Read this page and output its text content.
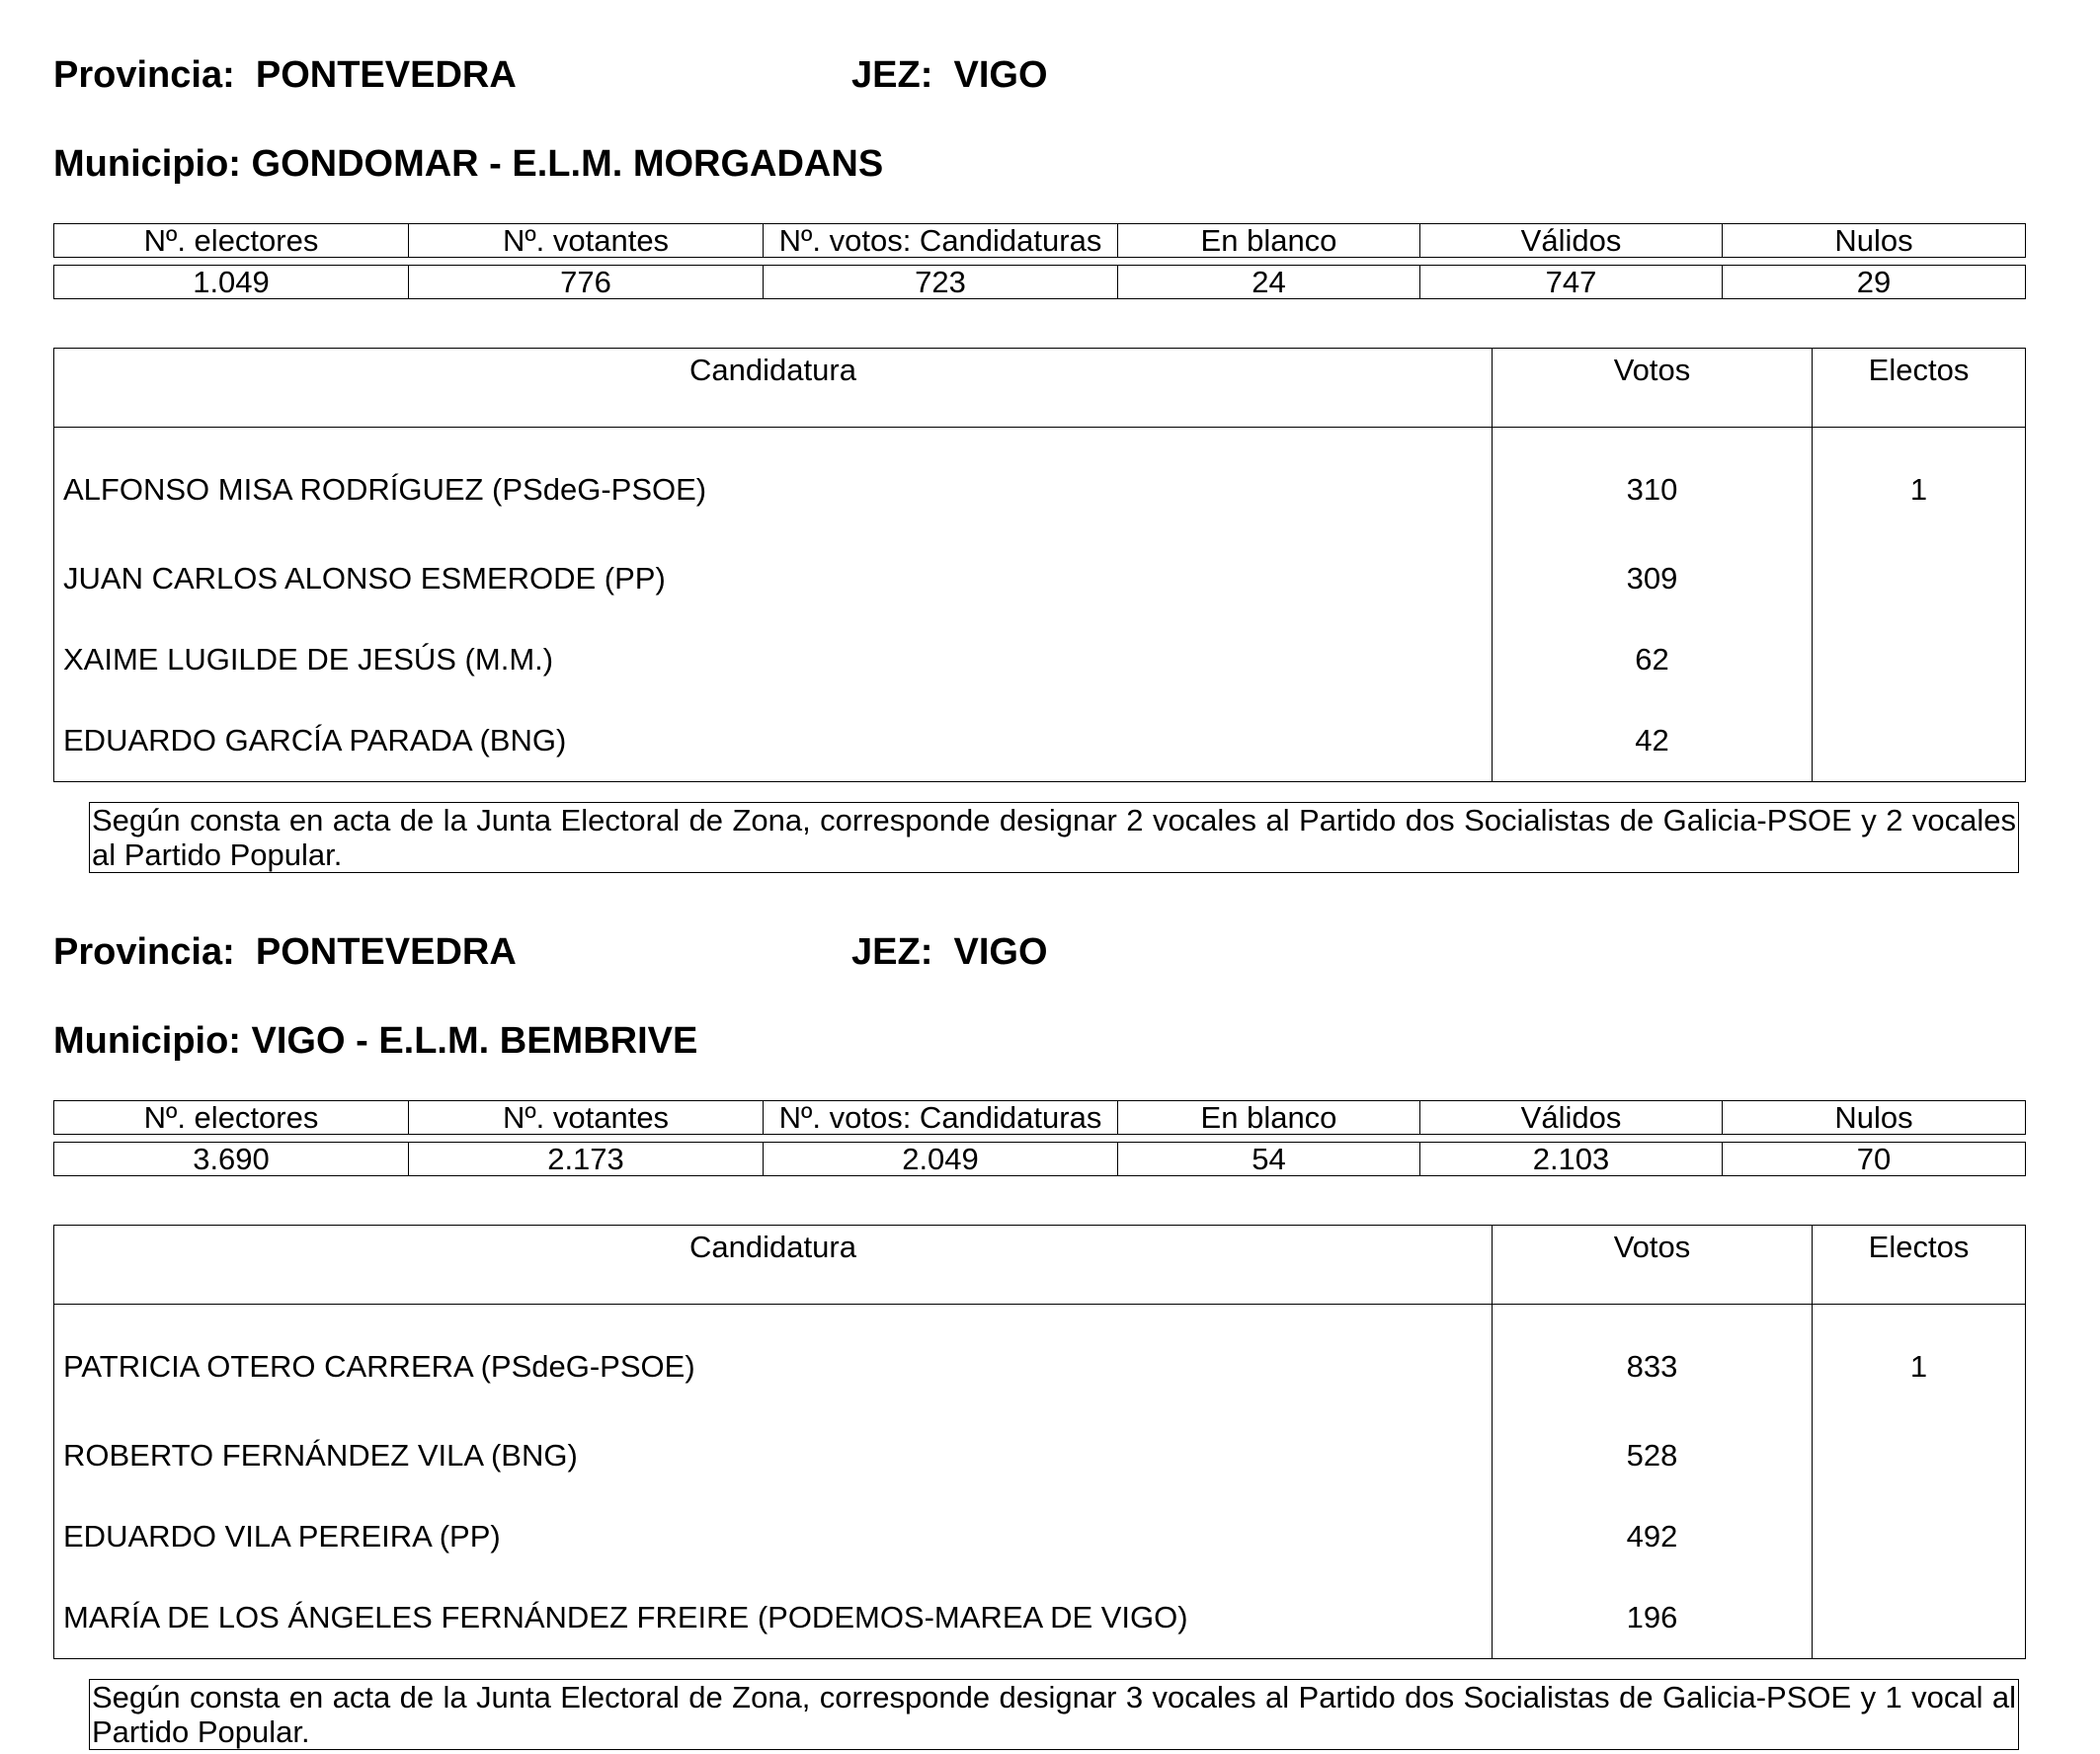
Provincia: PONTEVEDRA	JEZ: VIGO
Municipio: GONDOMAR - E.L.M. MORGADANS
Nº. electores	Nº. votantes	Nº. votos: Candidaturas	En blanco	Válidos	Nulos
1.049	776	723	24	747	29
Candidatura	Votos	Electos
ALFONSO MISA RODRÍGUEZ (PSdeG-PSOE)	310	1
JUAN CARLOS ALONSO ESMERODE (PP)	309	
XAIME LUGILDE DE JESÚS (M.M.)	62	
EDUARDO GARCÍA PARADA (BNG)	42	
Según consta en acta de la Junta Electoral de Zona, corresponde designar 2 vocales al Partido dos Socialistas de Galicia-PSOE y 2 vocales al Partido Popular.
Provincia: PONTEVEDRA	JEZ: VIGO
Municipio: VIGO - E.L.M. BEMBRIVE
Nº. electores	Nº. votantes	Nº. votos: Candidaturas	En blanco	Válidos	Nulos
3.690	2.173	2.049	54	2.103	70
Candidatura	Votos	Electos
PATRICIA OTERO CARRERA (PSdeG-PSOE)	833	1
ROBERTO FERNÁNDEZ VILA (BNG)	528	
EDUARDO VILA PEREIRA (PP)	492	
MARÍA DE LOS ÁNGELES FERNÁNDEZ FREIRE (PODEMOS-MAREA DE VIGO)	196	
Según consta en acta de la Junta Electoral de Zona, corresponde designar 3 vocales al Partido dos Socialistas de Galicia-PSOE y 1 vocal al Partido Popular.
